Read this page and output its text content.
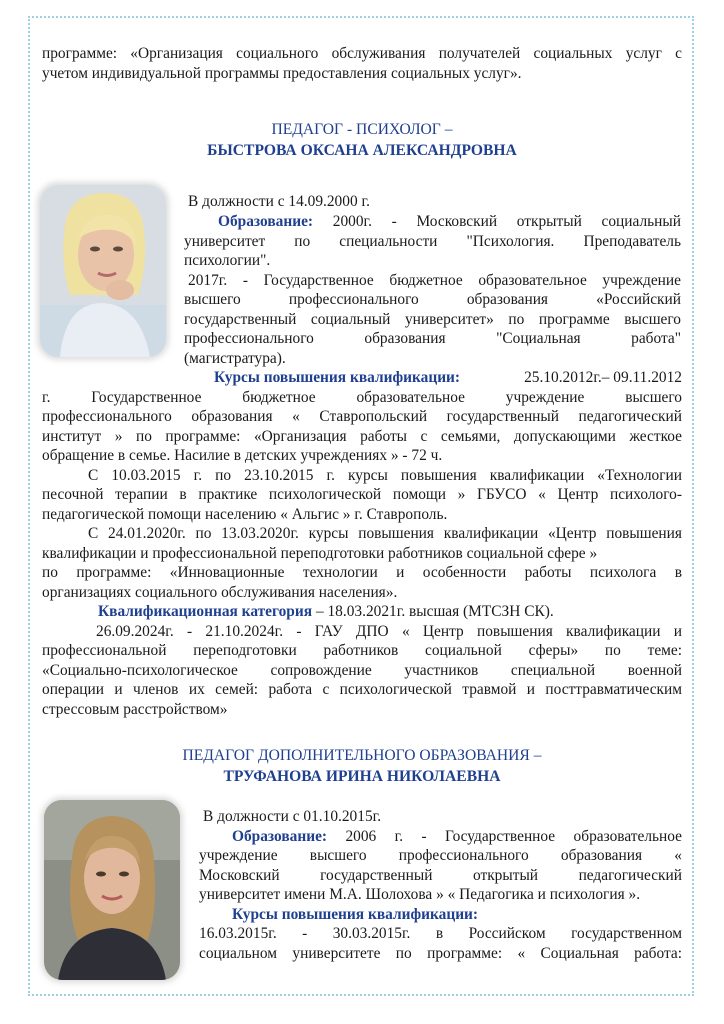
программе: «Организация социального обслуживания получателей социальных услуг с
учетом индивидуальной программы предоставления социальных услуг».
ПЕДАГОГ - ПСИХОЛОГ –
БЫСТРОВА ОКСАНА АЛЕКСАНДРОВНА
В должности с 14.09.2000 г.
Образование: 2000г. - Московский открытый социальный
университет по специальности "Психология. Преподаватель
психологии".
2017г. - Государственное бюджетное образовательное учреждение
высшего профессионального образования «Российский
государственный социальный университет» по программе высшего
профессионального образования "Социальная работа"
(магистратура).
Курсы повышения квалификации:	25.10.2012г.– 09.11.2012
г. Государственное бюджетное образовательное учреждение высшего
профессионального образования « Ставропольский государственный педагогический
институт » по программе: «Организация работы с семьями, допускающими жесткое
обращение в семье. Насилие в детских учреждениях » - 72 ч.
С 10.03.2015 г. по 23.10.2015 г. курсы повышения квалификации «Технологии
песочной терапии в практике психологической помощи » ГБУСО « Центр психолого-
педагогической помощи населению « Альгис » г. Ставрополь.
С 24.01.2020г. по 13.03.2020г. курсы повышения квалификации «Центр повышения
квалификации и профессиональной переподготовки работников социальной сфере »
по программе: «Инновационные технологии и особенности работы психолога в
организациях социального обслуживания населения».
Квалификационная категория – 18.03.2021г. высшая (МТСЗН СК).
26.09.2024г. - 21.10.2024г. - ГАУ ДПО « Центр повышения квалификации и
профессиональной переподготовки работников социальной сферы» по теме:
«Социально-психологическое сопровождение участников специальной военной
операции и членов их семей: работа с психологической травмой и посттравматическим
стрессовым расстройством»
ПЕДАГОГ ДОПОЛНИТЕЛЬНОГО ОБРАЗОВАНИЯ –
ТРУФАНОВА ИРИНА НИКОЛАЕВНА
В должности с 01.10.2015г.
Образование: 2006 г. - Государственное образовательное
учреждение высшего профессионального образования «
Московский государственный открытый педагогический
университет имени М.А. Шолохова » « Педагогика и психология ».
Курсы повышения квалификации:
16.03.2015г. - 30.03.2015г. в Российском государственном
социальном университете по программе: « Социальная работа:
